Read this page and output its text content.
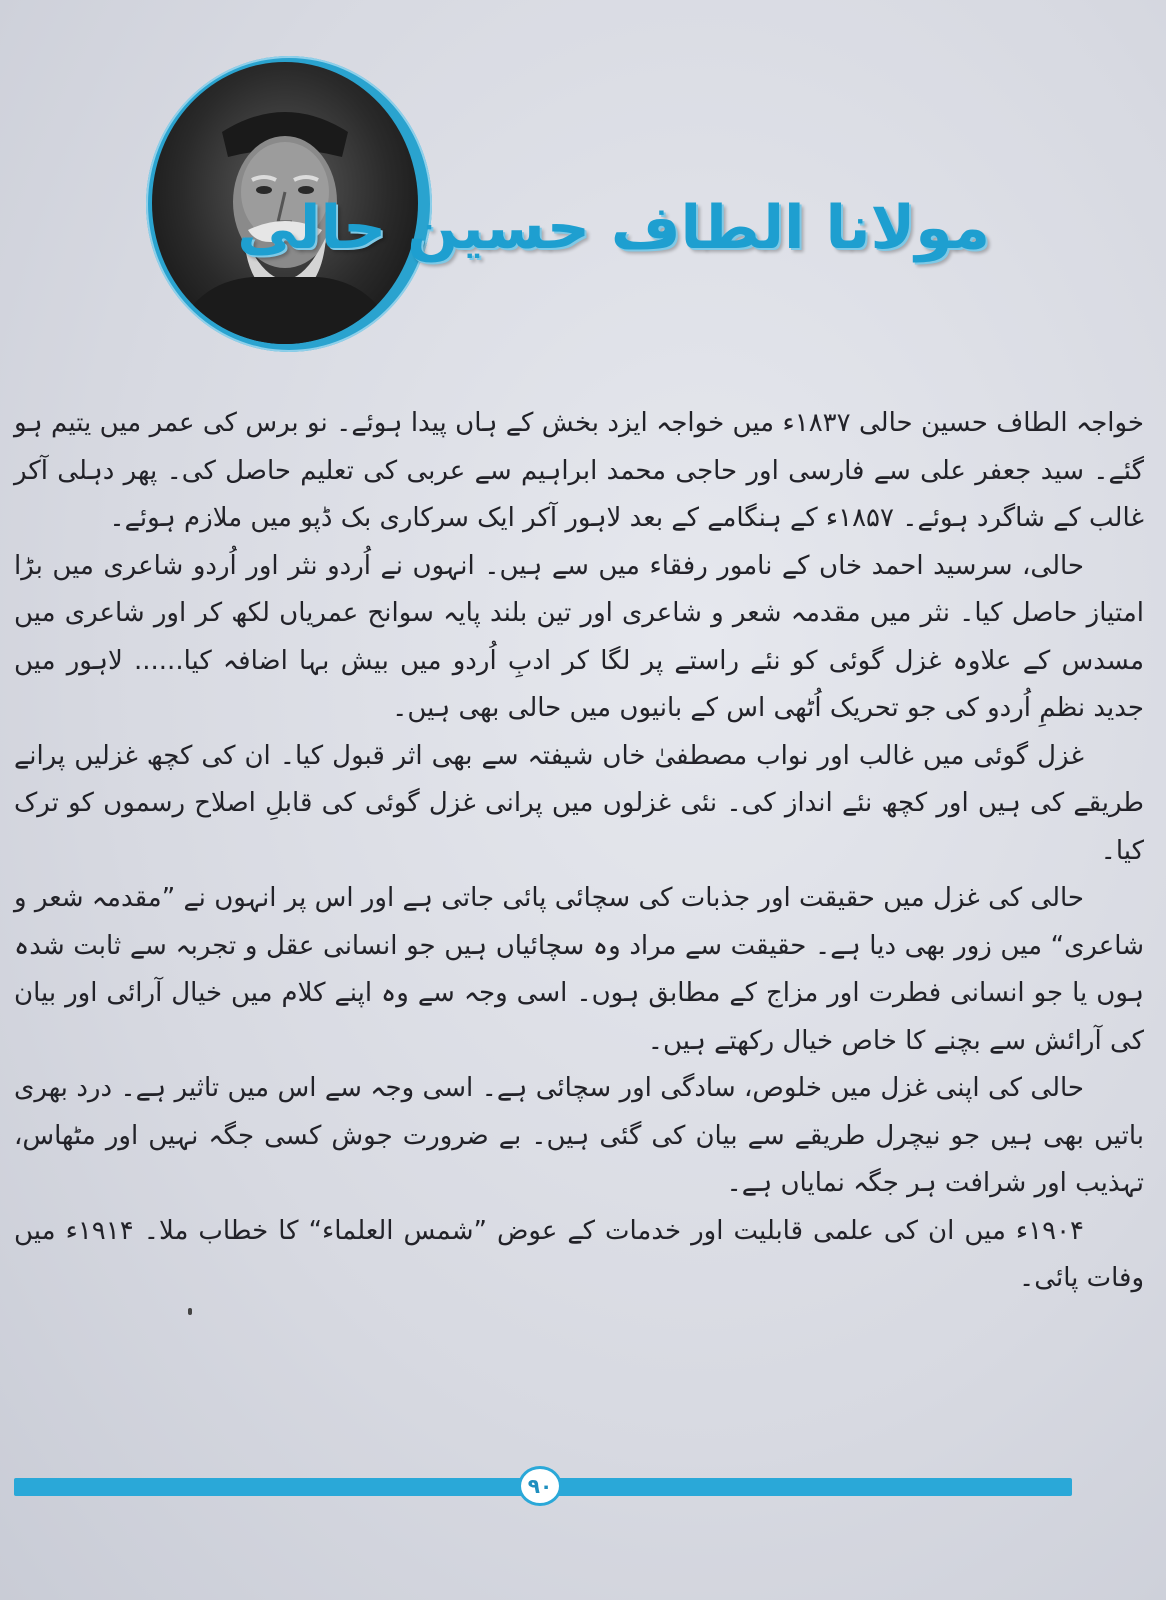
مولانا الطاف حسین حالی

خواجہ الطاف حسین حالی ۱۸۳۷ء میں خواجہ ایزد بخش کے ہاں پیدا ہوئے۔ نو برس کی عمر میں یتیم ہو گئے۔ سید جعفر علی سے فارسی اور حاجی محمد ابراہیم سے عربی کی تعلیم حاصل کی۔ پھر دہلی آکر غالب کے شاگرد ہوئے۔ ۱۸۵۷ء کے ہنگامے کے بعد لاہور آکر ایک سرکاری بک ڈپو میں ملازم ہوئے۔

حالی، سرسید احمد خاں کے نامور رفقاء میں سے ہیں۔ انہوں نے اُردو نثر اور اُردو شاعری میں بڑا امتیاز حاصل کیا۔ نثر میں مقدمہ شعر و شاعری اور تین بلند پایہ سوانح عمریاں لکھ کر اور شاعری میں مسدس کے علاوہ غزل گوئی کو نئے راستے پر لگا کر ادبِ اُردو میں بیش بہا اضافہ کیا...... لاہور میں جدید نظمِ اُردو کی جو تحریک اُٹھی اس کے بانیوں میں حالی بھی ہیں۔

غزل گوئی میں غالب اور نواب مصطفیٰ خاں شیفتہ سے بھی اثر قبول کیا۔ ان کی کچھ غزلیں پرانے طریقے کی ہیں اور کچھ نئے انداز کی۔ نئی غزلوں میں پرانی غزل گوئی کی قابلِ اصلاح رسموں کو ترک کیا۔

حالی کی غزل میں حقیقت اور جذبات کی سچائی پائی جاتی ہے اور اس پر انہوں نے ”مقدمہ شعر و شاعری“ میں زور بھی دیا ہے۔ حقیقت سے مراد وہ سچائیاں ہیں جو انسانی عقل و تجربہ سے ثابت شدہ ہوں یا جو انسانی فطرت اور مزاج کے مطابق ہوں۔ اسی وجہ سے وہ اپنے کلام میں خیال آرائی اور بیان کی آرائش سے بچنے کا خاص خیال رکھتے ہیں۔

حالی کی اپنی غزل میں خلوص، سادگی اور سچائی ہے۔ اسی وجہ سے اس میں تاثیر ہے۔ درد بھری باتیں بھی ہیں جو نیچرل طریقے سے بیان کی گئی ہیں۔ بے ضرورت جوش کسی جگہ نہیں اور مٹھاس، تہذیب اور شرافت ہر جگہ نمایاں ہے۔

۱۹۰۴ء میں ان کی علمی قابلیت اور خدمات کے عوض ”شمس العلماء“ کا خطاب ملا۔ ۱۹۱۴ء میں وفات پائی۔

۹۰
